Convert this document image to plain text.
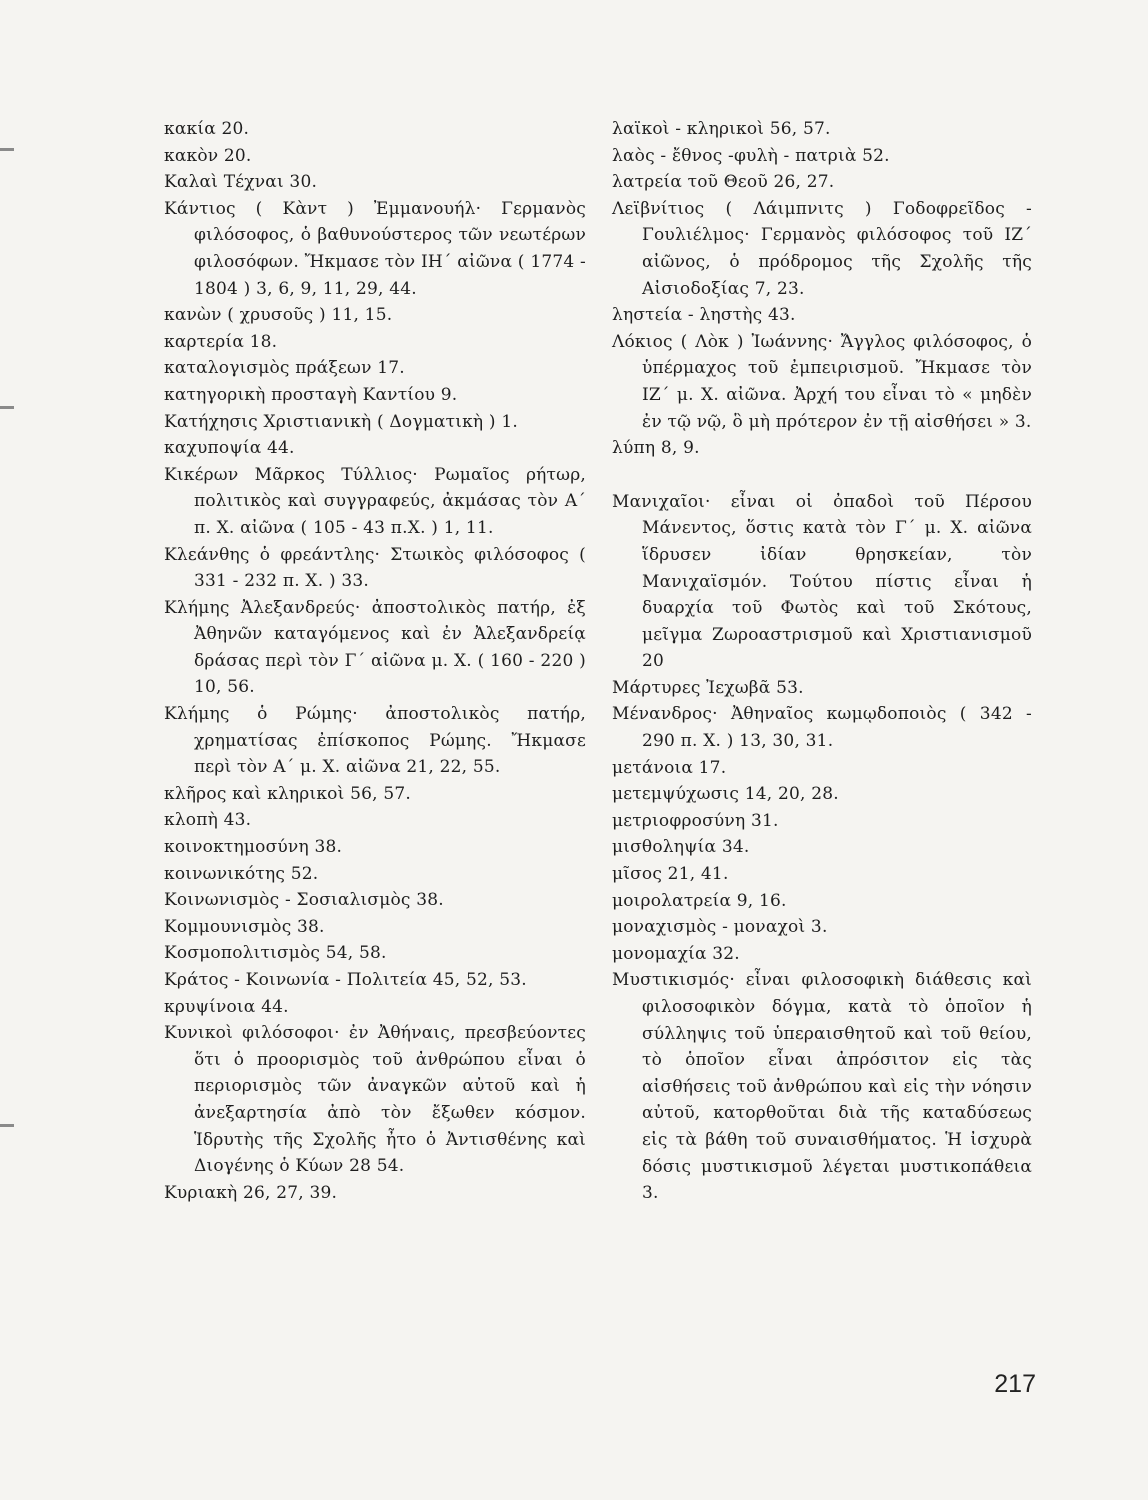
κακία 20.
κακὸν 20.
Καλαὶ Τέχναι 30.
Κάντιος ( Κὰντ ) Ἐμμανουήλ· Γερμανὸς φιλόσοφος, ὁ βαθυνούστερος τῶν νεωτέρων φιλοσόφων. Ἤκμασε τὸν ΙΗ΄ αἰῶνα ( 1774 - 1804 ) 3, 6, 9, 11, 29, 44.
κανὼν ( χρυσοῦς ) 11, 15.
καρτερία 18.
καταλογισμὸς πράξεων 17.
κατηγορικὴ προσταγὴ Καντίου 9.
Κατήχησις Χριστιανικὴ ( Δογματικὴ ) 1.
καχυποψία 44.
Κικέρων Μᾶρκος Τύλλιος· Ρωμαῖος ρήτωρ, πολιτικὸς καὶ συγγραφεύς, ἀκμάσας τὸν Α΄ π. Χ. αἰῶνα ( 105 - 43 π.Χ. ) 1, 11.
Κλεάνθης ὁ φρεάντλης· Στωικὸς φιλόσοφος ( 331 - 232 π. Χ. ) 33.
Κλήμης Ἀλεξανδρεύς· ἀποστολικὸς πατήρ, ἐξ Ἀθηνῶν καταγόμενος καὶ ἐν Ἀλεξανδρείᾳ δράσας περὶ τὸν Γ΄ αἰῶνα μ. Χ. ( 160 - 220 ) 10, 56.
Κλήμης ὁ Ρώμης· ἀποστολικὸς πατήρ, χρηματίσας ἐπίσκοπος Ρώμης. Ἤκμασε περὶ τὸν Α΄ μ. Χ. αἰῶνα 21, 22, 55.
κλῆρος καὶ κληρικοὶ 56, 57.
κλοπὴ 43.
κοινοκτημοσύνη 38.
κοινωνικότης 52.
Κοινωνισμὸς - Σοσιαλισμὸς 38.
Κομμουνισμὸς 38.
Κοσμοπολιτισμὸς 54, 58.
Κράτος - Κοινωνία - Πολιτεία 45, 52, 53.
κρυψίνοια 44.
Κυνικοὶ φιλόσοφοι· ἐν Ἀθήναις, πρεσβεύοντες ὅτι ὁ προορισμὸς τοῦ ἀνθρώπου εἶναι ὁ περιορισμὸς τῶν ἀναγκῶν αὐτοῦ καὶ ἡ ἀνεξαρτησία ἀπὸ τὸν ἔξωθεν κόσμον. Ἱδρυτὴς τῆς Σχολῆς ἦτο ὁ Ἀντισθένης καὶ Διογένης ὁ Κύων 28 54.
Κυριακὴ 26, 27, 39.
λαϊκοὶ - κληρικοὶ 56, 57.
λαὸς - ἔθνος -φυλὴ - πατριὰ 52.
λατρεία τοῦ Θεοῦ 26, 27.
Λεϊβνίτιος ( Λάιμπνιτς ) Γοδοφρεῖδος - Γουλιέλμος· Γερμανὸς φιλόσοφος τοῦ ΙΖ΄ αἰῶνος, ὁ πρόδρομος τῆς Σχολῆς τῆς Αἰσιοδοξίας 7, 23.
ληστεία - ληστὴς 43.
Λόκιος ( Λὸκ ) Ἰωάννης· Ἄγγλος φιλόσοφος, ὁ ὑπέρμαχος τοῦ ἐμπειρισμοῦ. Ἤκμασε τὸν ΙΖ΄ μ. Χ. αἰῶνα. Ἀρχή του εἶναι τὸ « μηδὲν ἐν τῷ νῷ, ὃ μὴ πρότερον ἐν τῇ αἰσθήσει » 3.
λύπη 8, 9.
Μανιχαῖοι· εἶναι οἱ ὀπαδοὶ τοῦ Πέρσου Μάνεντος, ὅστις κατὰ τὸν Γ΄ μ. Χ. αἰῶνα ἵδρυσεν ἰδίαν θρησκείαν, τὸν Μανιχαϊσμόν. Τούτου πίστις εἶναι ἡ δυαρχία τοῦ Φωτὸς καὶ τοῦ Σκότους, μεῖγμα Ζωροαστρισμοῦ καὶ Χριστιανισμοῦ 20
Μάρτυρες Ἰεχωβᾶ 53.
Μένανδρος· Ἀθηναῖος κωμῳδοποιὸς ( 342 - 290 π. Χ. ) 13, 30, 31.
μετάνοια 17.
μετεμψύχωσις 14, 20, 28.
μετριοφροσύνη 31.
μισθοληψία 34.
μῖσος 21, 41.
μοιρολατρεία 9, 16.
μοναχισμὸς - μοναχοὶ 3.
μονομαχία 32.
Μυστικισμός· εἶναι φιλοσοφικὴ διάθεσις καὶ φιλοσοφικὸν δόγμα, κατὰ τὸ ὁποῖον ἡ σύλληψις τοῦ ὑπεραισθητοῦ καὶ τοῦ θείου, τὸ ὁποῖον εἶναι ἀπρόσιτον εἰς τὰς αἰσθήσεις τοῦ ἀνθρώπου καὶ εἰς τὴν νόησιν αὐτοῦ, κατορθοῦται διὰ τῆς καταδύσεως εἰς τὰ βάθη τοῦ συναισθήματος. Ἡ ἰσχυρὰ δόσις μυστικισμοῦ λέγεται μυστικοπάθεια 3.
217
